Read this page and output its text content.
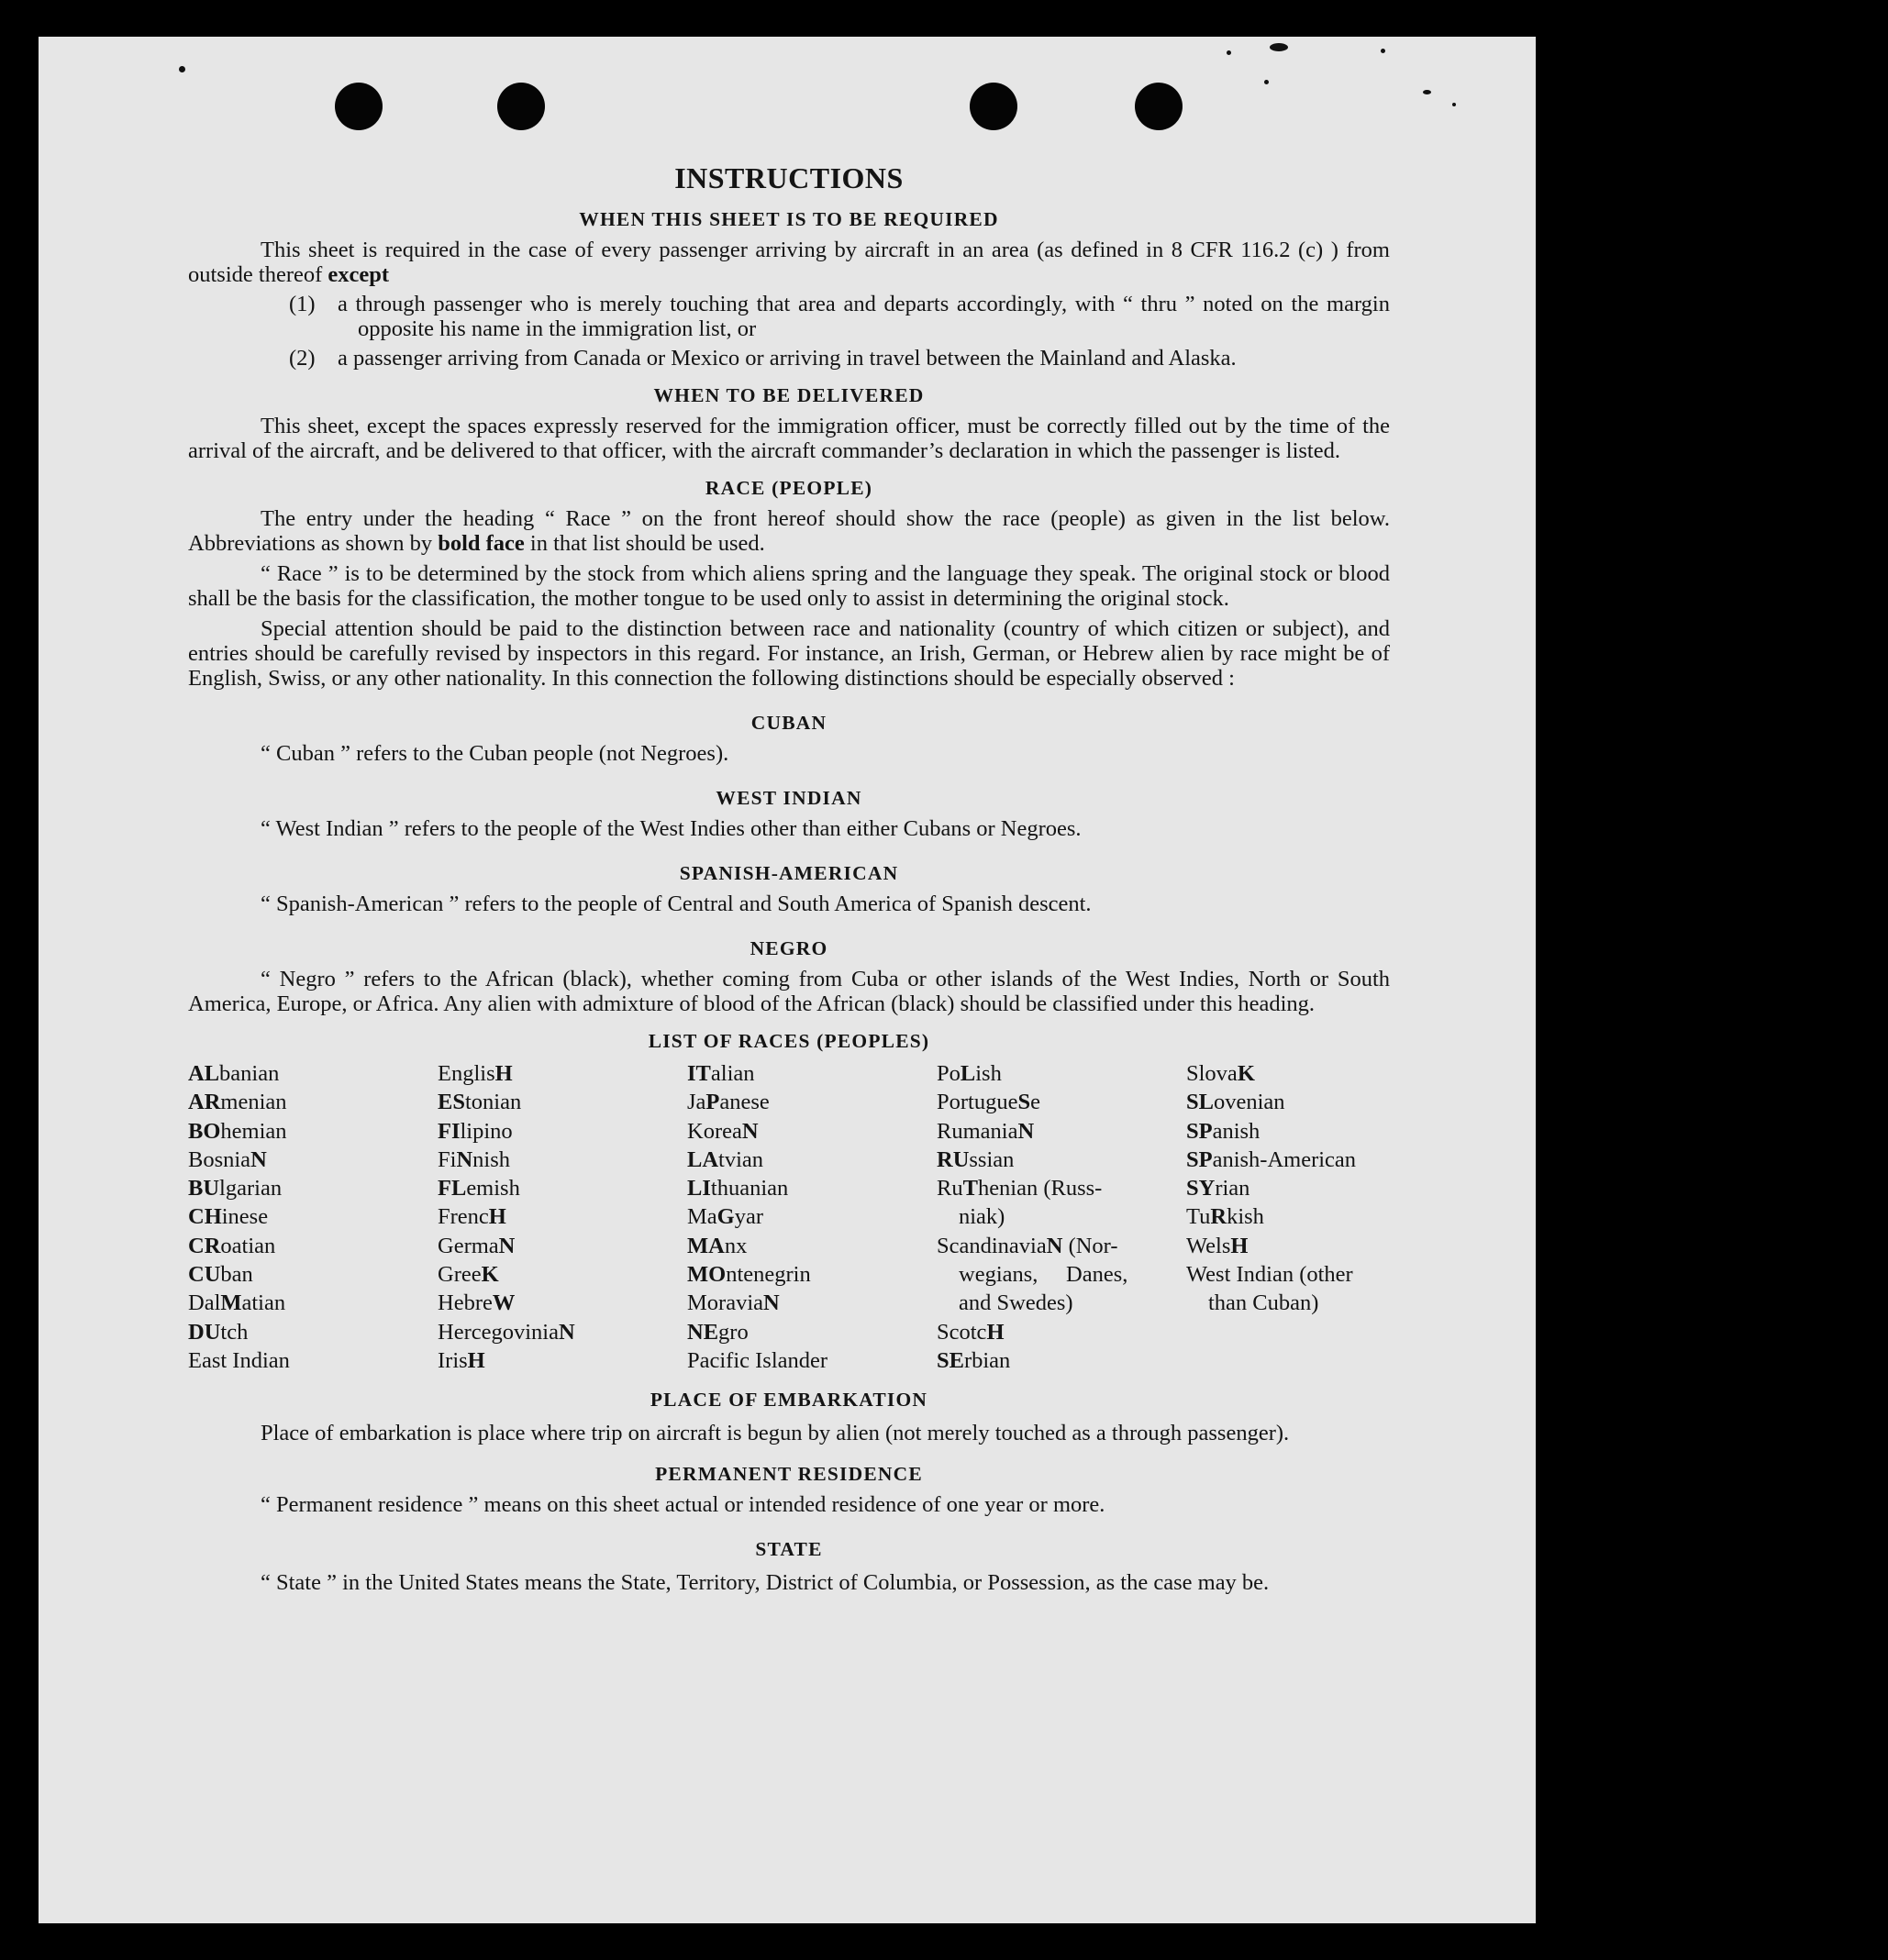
INSTRUCTIONS
WHEN THIS SHEET IS TO BE REQUIRED

This sheet is required in the case of every passenger arriving by aircraft in an area (as defined in 8 CFR 116.2 (c) ) from outside thereof except

(1) a through passenger who is merely touching that area and departs accordingly, with “ thru ” noted on the margin opposite his name in the immigration list, or
(2) a passenger arriving from Canada or Mexico or arriving in travel between the Mainland and Alaska.
WHEN TO BE DELIVERED

This sheet, except the spaces expressly reserved for the immigration officer, must be correctly filled out by the time of the arrival of the aircraft, and be delivered to that officer, with the aircraft commander’s declaration in which the passenger is listed.

RACE (PEOPLE)

The entry under the heading “ Race ” on the front hereof should show the race (people) as given in the list below. Abbreviations as shown by bold face in that list should be used.

“ Race ” is to be determined by the stock from which aliens spring and the language they speak. The original stock or blood shall be the basis for the classification, the mother tongue to be used only to assist in determining the original stock.

Special attention should be paid to the distinction between race and nationality (country of which citizen or subject), and entries should be carefully revised by inspectors in this regard. For instance, an Irish, German, or Hebrew alien by race might be of English, Swiss, or any other nationality. In this connection the following distinctions should be especially observed :

CUBAN

“ Cuban ” refers to the Cuban people (not Negroes).

WEST INDIAN

“ West Indian ” refers to the people of the West Indies other than either Cubans or Negroes.

SPANISH-AMERICAN

“ Spanish-American ” refers to the people of Central and South America of Spanish descent.

NEGRO

“ Negro ” refers to the African (black), whether coming from Cuba or other islands of the West Indies, North or South America, Europe, or Africa. Any alien with admixture of blood of the African (black) should be classified under this heading.

LIST OF RACES (PEOPLES)
ALbanian
ARmenian
BOhemian
BosniaN
BUlgarian
CHinese
CRoatian
CUban
DalMatian
DUtch
East Indian
EnglisH
EStonian
FIlipino
FiNnish
FLemish
FrencH
GermaN
GreeK
HebreW
HercegoviniaN
IrisH
ITalian
JaPanese
KoreaN
LAtvian
LIthuanian
MaGyar
MAnx
MOntenegrin
MoraviaN
NEgro
Pacific Islander
PoLish
PortugueSe
RumaniaN
RUssian
RuThenian (Russ-
niak)
ScandinaviaN (Nor-
wegians,     Danes,
and Swedes)
ScotcH
SErbian
SlovaK
SLovenian
SPanish
SPanish-American
SYrian
TuRkish
WelsH
West Indian (other
than Cuban)
PLACE OF EMBARKATION

Place of embarkation is place where trip on aircraft is begun by alien (not merely touched as a through passenger).

PERMANENT RESIDENCE

“ Permanent residence ” means on this sheet actual or intended residence of one year or more.

STATE

“ State ” in the United States means the State, Territory, District of Columbia, or Possession, as the case may be.
